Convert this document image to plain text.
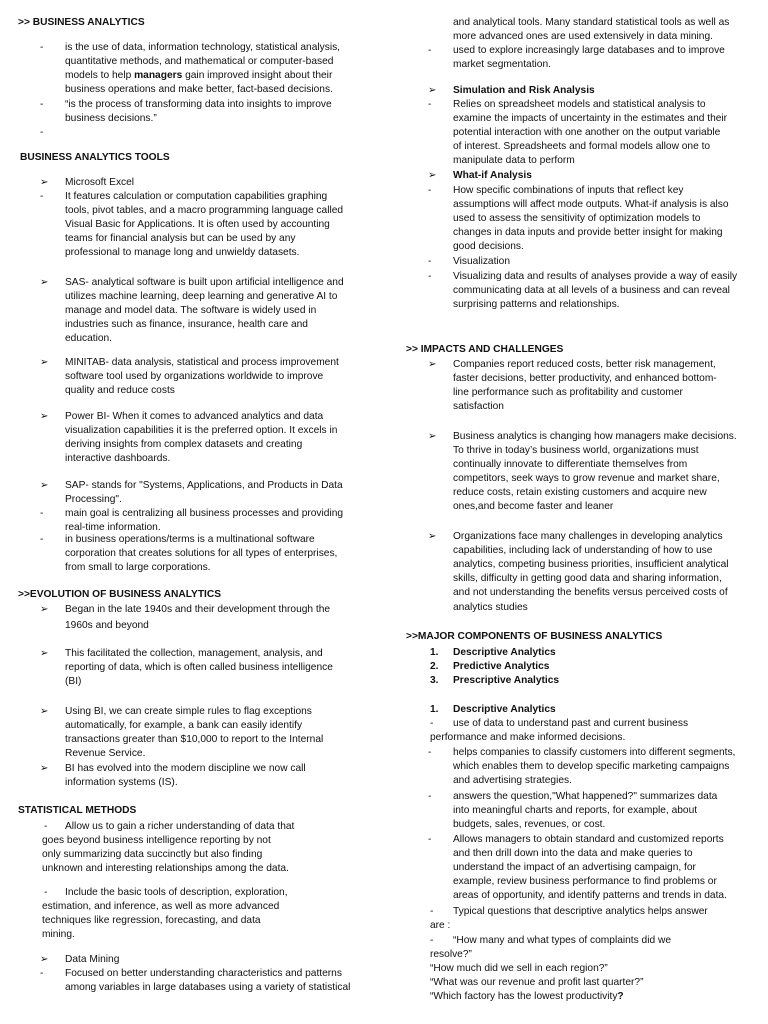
>> BUSINESS ANALYTICS
- is the use of data, information technology, statistical analysis,
quantitative methods, and mathematical or computer-based
models to help managers gain improved insight about their
business operations and make better, fact-based decisions.
- “is the process of transforming data into insights to improve
business decisions.”
-
BUSINESS ANALYTICS TOOLS
➢ Microsoft Excel
- It features calculation or computation capabilities graphing
tools, pivot tables, and a macro programming language called
Visual Basic for Applications. It is often used by accounting
teams for financial analysis but can be used by any
professional to manage long and unwieldy datasets.
➢ SAS- analytical software is built upon artificial intelligence and
utilizes machine learning, deep learning and generative AI to
manage and model data. The software is widely used in
industries such as finance, insurance, health care and
education.
➢ MINITAB- data analysis, statistical and process improvement
software tool used by organizations worldwide to improve
quality and reduce costs
➢ Power BI- When it comes to advanced analytics and data
visualization capabilities it is the preferred option. It excels in
deriving insights from complex datasets and creating
interactive dashboards.
➢ SAP- stands for "Systems, Applications, and Products in Data
Processing".
- main goal is centralizing all business processes and providing
real-time information.
- in business operations/terms is a multinational software
corporation that creates solutions for all types of enterprises,
from small to large corporations.
>>EVOLUTION OF BUSINESS ANALYTICS
➢ Began in the late 1940s and their development through the
1960s and beyond
➢ This facilitated the collection, management, analysis, and
reporting of data, which is often called business intelligence
(BI)
➢ Using BI, we can create simple rules to flag exceptions
automatically, for example, a bank can easily identify
transactions greater than $10,000 to report to the Internal
Revenue Service.
➢ BI has evolved into the modern discipline we now call
information systems (IS).
STATISTICAL METHODS
- Allow us to gain a richer understanding of data that
goes beyond business intelligence reporting by not
only summarizing data succinctly but also finding
unknown and interesting relationships among the data.
- Include the basic tools of description, exploration,
estimation, and inference, as well as more advanced
techniques like regression, forecasting, and data
mining.
➢ Data Mining
- Focused on better understanding characteristics and patterns
among variables in large databases using a variety of statistical
and analytical tools. Many standard statistical tools as well as
more advanced ones are used extensively in data mining.
- used to explore increasingly large databases and to improve
market segmentation.
➢ Simulation and Risk Analysis
- Relies on spreadsheet models and statistical analysis to
examine the impacts of uncertainty in the estimates and their
potential interaction with one another on the output variable
of interest. Spreadsheets and formal models allow one to
manipulate data to perform
➢ What-if Analysis
- How specific combinations of inputs that reflect key
assumptions will affect mode outputs. What-if analysis is also
used to assess the sensitivity of optimization models to
changes in data inputs and provide better insight for making
good decisions.
- Visualization
- Visualizing data and results of analyses provide a way of easily
communicating data at all levels of a business and can reveal
surprising patterns and relationships.
>> IMPACTS AND CHALLENGES
➢ Companies report reduced costs, better risk management,
faster decisions, better productivity, and enhanced bottom-
line performance such as profitability and customer
satisfaction
➢ Business analytics is changing how managers make decisions.
To thrive in today’s business world, organizations must
continually innovate to differentiate themselves from
competitors, seek ways to grow revenue and market share,
reduce costs, retain existing customers and acquire new
ones,and become faster and leaner
➢ Organizations face many challenges in developing analytics
capabilities, including lack of understanding of how to use
analytics, competing business priorities, insufficient analytical
skills, difficulty in getting good data and sharing information,
and not understanding the benefits versus perceived costs of
analytics studies
>>MAJOR COMPONENTS OF BUSINESS ANALYTICS
1. Descriptive Analytics
2. Predictive Analytics
3. Prescriptive Analytics
1. Descriptive Analytics
- use of data to understand past and current business
performance and make informed decisions.
- helps companies to classify customers into different segments,
which enables them to develop specific marketing campaigns
and advertising strategies.
- answers the question,"What happened?" summarizes data
into meaningful charts and reports, for example, about
budgets, sales, revenues, or cost.
- Allows managers to obtain standard and customized reports
and then drill down into the data and make queries to
understand the impact of an advertising campaign, for
example, review business performance to find problems or
areas of opportunity, and identify patterns and trends in data.
- Typical questions that descriptive analytics helps answer
are :
- “How many and what types of complaints did we
resolve?”
“How much did we sell in each region?”
“What was our revenue and profit last quarter?”
“Which factory has the lowest productivity?
